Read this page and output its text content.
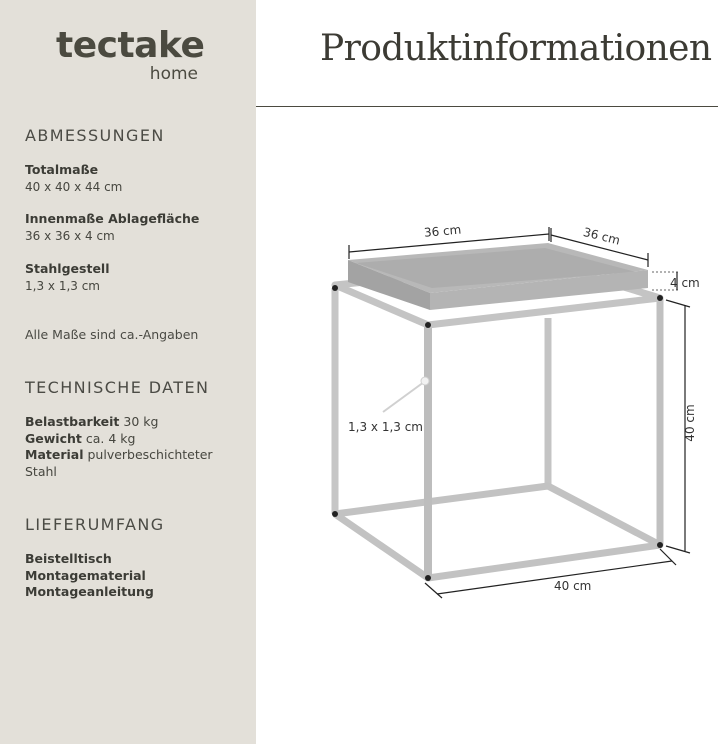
tectake
home
ABMESSUNGEN
Totalmaße
40 x 40 x 44 cm
Innenmaße Ablagefläche
36 x 36 x 4 cm
Stahlgestell
1,3 x 1,3 cm
Alle Maße sind ca.-Angaben
TECHNISCHE DATEN
Belastbarkeit 30 kg
Gewicht ca. 4 kg
Material pulverbeschichteter Stahl
LIEFERUMFANG
Beistelltisch
Montagematerial
Montageanleitung
Produktinformationen
36 cm	36 cm
4 cm
1,3 x 1,3 cm	40 cm
40 cm
